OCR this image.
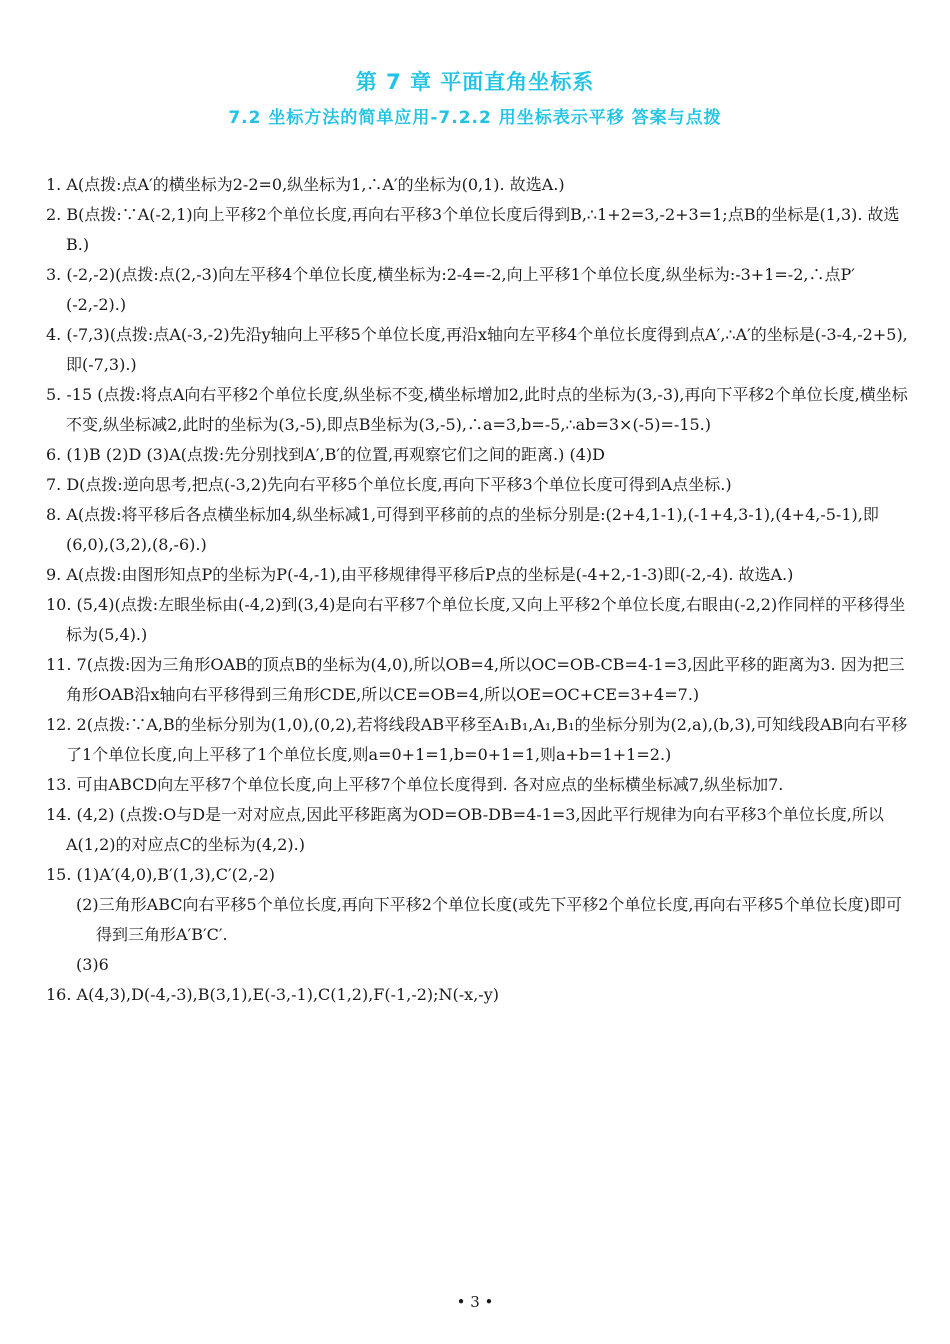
第 7 章 平面直角坐标系
7.2 坐标方法的简单应用-7.2.2 用坐标表示平移 答案与点拨
1. A(点拨:点A′的横坐标为2-2=0,纵坐标为1,∴A′的坐标为(0,1). 故选A.)
2. B(点拨:∵A(-2,1)向上平移2个单位长度,再向右平移3个单位长度后得到B,∴1+2=3,-2+3=1;点B的坐标是(1,3). 故选B.)
3. (-2,-2)(点拨:点(2,-3)向左平移4个单位长度,横坐标为:2-4=-2,向上平移1个单位长度,纵坐标为:-3+1=-2,∴点P′(-2,-2).)
4. (-7,3)(点拨:点A(-3,-2)先沿y轴向上平移5个单位长度,再沿x轴向左平移4个单位长度得到点A′,∴A′的坐标是(-3-4,-2+5),即(-7,3).)
5. -15 (点拨:将点A向右平移2个单位长度,纵坐标不变,横坐标增加2,此时点的坐标为(3,-3),再向下平移2个单位长度,横坐标不变,纵坐标减2,此时的坐标为(3,-5),即点B坐标为(3,-5),∴a=3,b=-5,∴ab=3×(-5)=-15.)
6. (1)B (2)D (3)A(点拨:先分别找到A′,B′的位置,再观察它们之间的距离.) (4)D
7. D(点拨:逆向思考,把点(-3,2)先向右平移5个单位长度,再向下平移3个单位长度可得到A点坐标.)
8. A(点拨:将平移后各点横坐标加4,纵坐标减1,可得到平移前的点的坐标分别是:(2+4,1-1),(-1+4,3-1),(4+4,-5-1),即(6,0),(3,2),(8,-6).)
9. A(点拨:由图形知点P的坐标为P(-4,-1),由平移规律得平移后P点的坐标是(-4+2,-1-3)即(-2,-4). 故选A.)
10. (5,4)(点拨:左眼坐标由(-4,2)到(3,4)是向右平移7个单位长度,又向上平移2个单位长度,右眼由(-2,2)作同样的平移得坐标为(5,4).)
11. 7(点拨:因为三角形OAB的顶点B的坐标为(4,0),所以OB=4,所以OC=OB-CB=4-1=3,因此平移的距离为3. 因为把三角形OAB沿x轴向右平移得到三角形CDE,所以CE=OB=4,所以OE=OC+CE=3+4=7.)
12. 2(点拨:∵A,B的坐标分别为(1,0),(0,2),若将线段AB平移至A₁B₁,A₁,B₁的坐标分别为(2,a),(b,3),可知线段AB向右平移了1个单位长度,向上平移了1个单位长度,则a=0+1=1,b=0+1=1,则a+b=1+1=2.)
13. 可由ABCD向左平移7个单位长度,向上平移7个单位长度得到. 各对应点的坐标横坐标减7,纵坐标加7.
14. (4,2) (点拨:O与D是一对对应点,因此平移距离为OD=OB-DB=4-1=3,因此平行规律为向右平移3个单位长度,所以A(1,2)的对应点C的坐标为(4,2).)
15. (1)A′(4,0),B′(1,3),C′(2,-2)
(2)三角形ABC向右平移5个单位长度,再向下平移2个单位长度(或先下平移2个单位长度,再向右平移5个单位长度)即可得到三角形A′B′C′.
(3)6
16. A(4,3),D(-4,-3),B(3,1),E(-3,-1),C(1,2),F(-1,-2);N(-x,-y)
• 3 •
